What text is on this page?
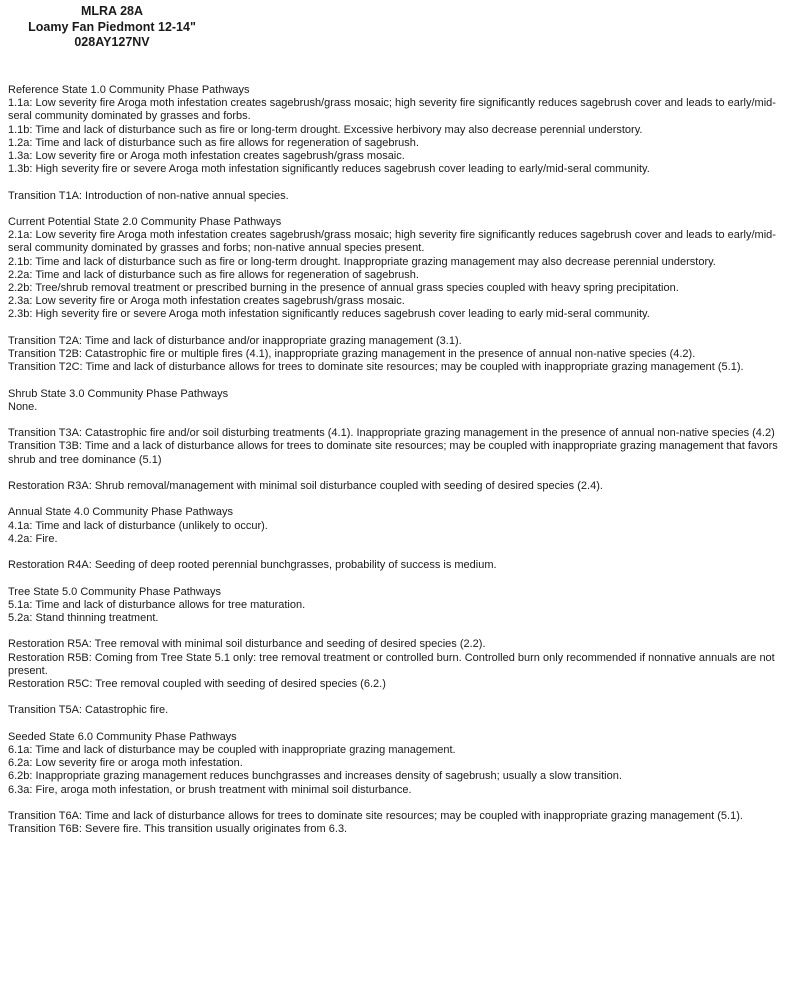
MLRA 28A
Loamy Fan Piedmont 12-14"
028AY127NV
Reference State 1.0 Community Phase Pathways
1.1a: Low severity fire Aroga moth infestation creates sagebrush/grass mosaic; high severity fire significantly reduces sagebrush cover and leads to early/mid-seral community dominated by grasses and forbs.
1.1b: Time and lack of disturbance such as fire or long-term drought. Excessive herbivory may also decrease perennial understory.
1.2a: Time and lack of disturbance such as fire allows for regeneration of sagebrush.
1.3a: Low severity fire or Aroga moth infestation creates sagebrush/grass mosaic.
1.3b: High severity fire or severe Aroga moth infestation significantly reduces sagebrush cover leading to early/mid-seral community.
Transition T1A: Introduction of non-native annual species.
Current Potential State 2.0 Community Phase Pathways
2.1a: Low severity fire Aroga moth infestation creates sagebrush/grass mosaic; high severity fire significantly reduces sagebrush cover and leads to early/mid-seral community dominated by grasses and forbs; non-native annual species present.
2.1b: Time and lack of disturbance such as fire or long-term drought. Inappropriate grazing management may also decrease perennial understory.
2.2a: Time and lack of disturbance such as fire allows for regeneration of sagebrush.
2.2b: Tree/shrub removal treatment or prescribed burning in the presence of annual grass species coupled with heavy spring precipitation.
2.3a: Low severity fire or Aroga moth infestation creates sagebrush/grass mosaic.
2.3b: High severity fire or severe Aroga moth infestation significantly reduces sagebrush cover leading to early mid-seral community.
Transition T2A: Time and lack of disturbance and/or inappropriate grazing management (3.1).
Transition T2B: Catastrophic fire or multiple fires (4.1), inappropriate grazing management in the presence of annual non-native species (4.2).
Transition T2C: Time and lack of disturbance allows for trees to dominate site resources; may be coupled with inappropriate grazing management (5.1).
Shrub State 3.0 Community Phase Pathways
None.
Transition T3A: Catastrophic fire and/or soil disturbing treatments (4.1). Inappropriate grazing management in the presence of annual non-native species (4.2)
Transition T3B: Time and a lack of disturbance allows for trees to dominate site resources; may be coupled with inappropriate grazing management that favors shrub and tree dominance (5.1)
Restoration R3A: Shrub removal/management with minimal soil disturbance coupled with seeding of desired species (2.4).
Annual State 4.0 Community Phase Pathways
4.1a: Time and lack of disturbance (unlikely to occur).
4.2a: Fire.
Restoration R4A: Seeding of deep rooted perennial bunchgrasses, probability of success is medium.
Tree State 5.0 Community Phase Pathways
5.1a: Time and lack of disturbance allows for tree maturation.
5.2a: Stand thinning treatment.
Restoration R5A: Tree removal with minimal soil disturbance and seeding of desired species (2.2).
Restoration R5B: Coming from Tree State 5.1 only: tree removal treatment or controlled burn. Controlled burn only recommended if nonnative annuals are not present.
Restoration R5C: Tree removal coupled with seeding of desired species (6.2.)
Transition T5A: Catastrophic fire.
Seeded State 6.0 Community Phase Pathways
6.1a: Time and lack of disturbance may be coupled with inappropriate grazing management.
6.2a: Low severity fire or aroga moth infestation.
6.2b: Inappropriate grazing management reduces bunchgrasses and increases density of sagebrush; usually a slow transition.
6.3a: Fire, aroga moth infestation, or brush treatment with minimal soil disturbance.
Transition T6A: Time and lack of disturbance allows for trees to dominate site resources; may be coupled with inappropriate grazing management (5.1).
Transition T6B: Severe fire. This transition usually originates from 6.3.
